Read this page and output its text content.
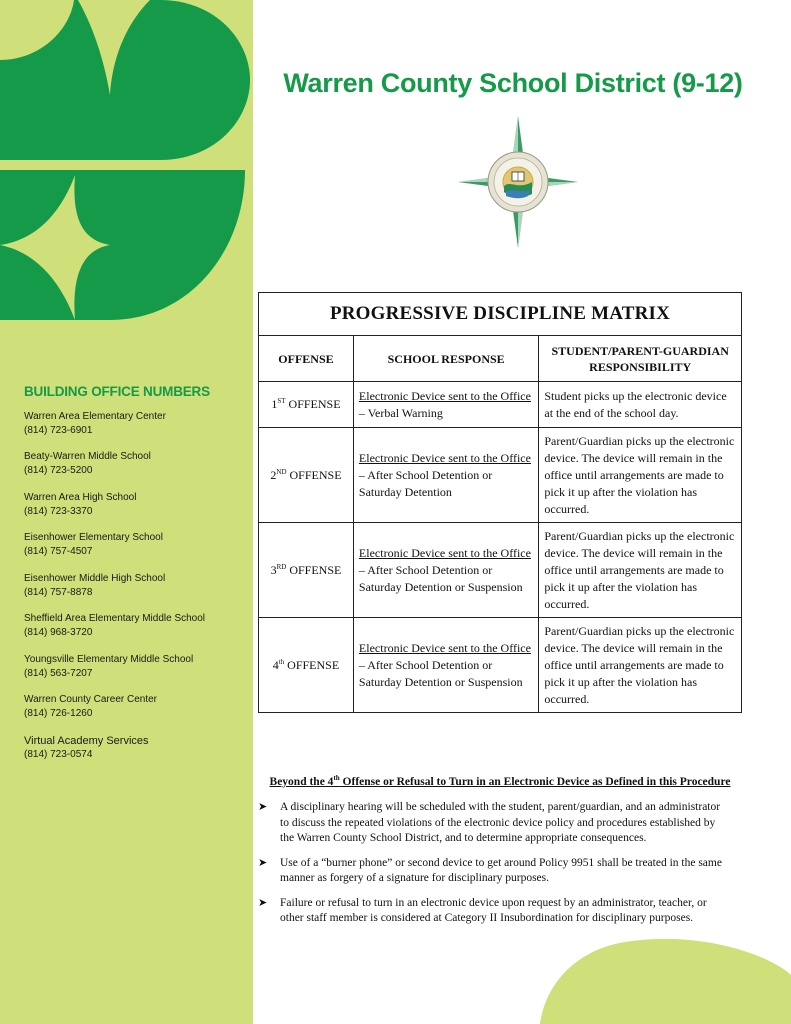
BUILDING OFFICE NUMBERS
Warren Area Elementary Center
(814) 723-6901
Beaty-Warren Middle School
(814) 723-5200
Warren Area High School
(814) 723-3370
Eisenhower Elementary School
(814) 757-4507
Eisenhower Middle High School
(814) 757-8878
Sheffield Area Elementary Middle School
(814) 968-3720
Youngsville Elementary Middle School
(814) 563-7207
Warren County Career Center
(814) 726-1260
Virtual Academy Services
(814) 723-0574
Warren County School District (9-12)
PROGRESSIVE DISCIPLINE MATRIX		
OFFENSE	SCHOOL RESPONSE	STUDENT/PARENT-GUARDIAN RESPONSIBILITY
1ST OFFENSE	Electronic Device sent to the Office – Verbal Warning	Student picks up the electronic device at the end of the school day.
2ND OFFENSE	Electronic Device sent to the Office – After School Detention or Saturday Detention	Parent/Guardian picks up the electronic device. The device will remain in the office until arrangements are made to pick it up after the violation has occurred.
3RD OFFENSE	Electronic Device sent to the Office – After School Detention or Saturday Detention or Suspension	Parent/Guardian picks up the electronic device. The device will remain in the office until arrangements are made to pick it up after the violation has occurred.
4th OFFENSE	Electronic Device sent to the Office – After School Detention or Saturday Detention or Suspension	Parent/Guardian picks up the electronic device. The device will remain in the office until arrangements are made to pick it up after the violation has occurred.
Beyond the 4th Offense or Refusal to Turn in an Electronic Device as Defined in this Procedure
➤ A disciplinary hearing will be scheduled with the student, parent/guardian, and an administrator to discuss the repeated violations of the electronic device policy and procedures established by the Warren County School District, and to determine appropriate consequences.
➤ Use of a “burner phone” or second device to get around Policy 9951 shall be treated in the same manner as forgery of a signature for disciplinary purposes.
➤ Failure or refusal to turn in an electronic device upon request by an administrator, teacher, or other staff member is considered at Category II Insubordination for disciplinary purposes.
